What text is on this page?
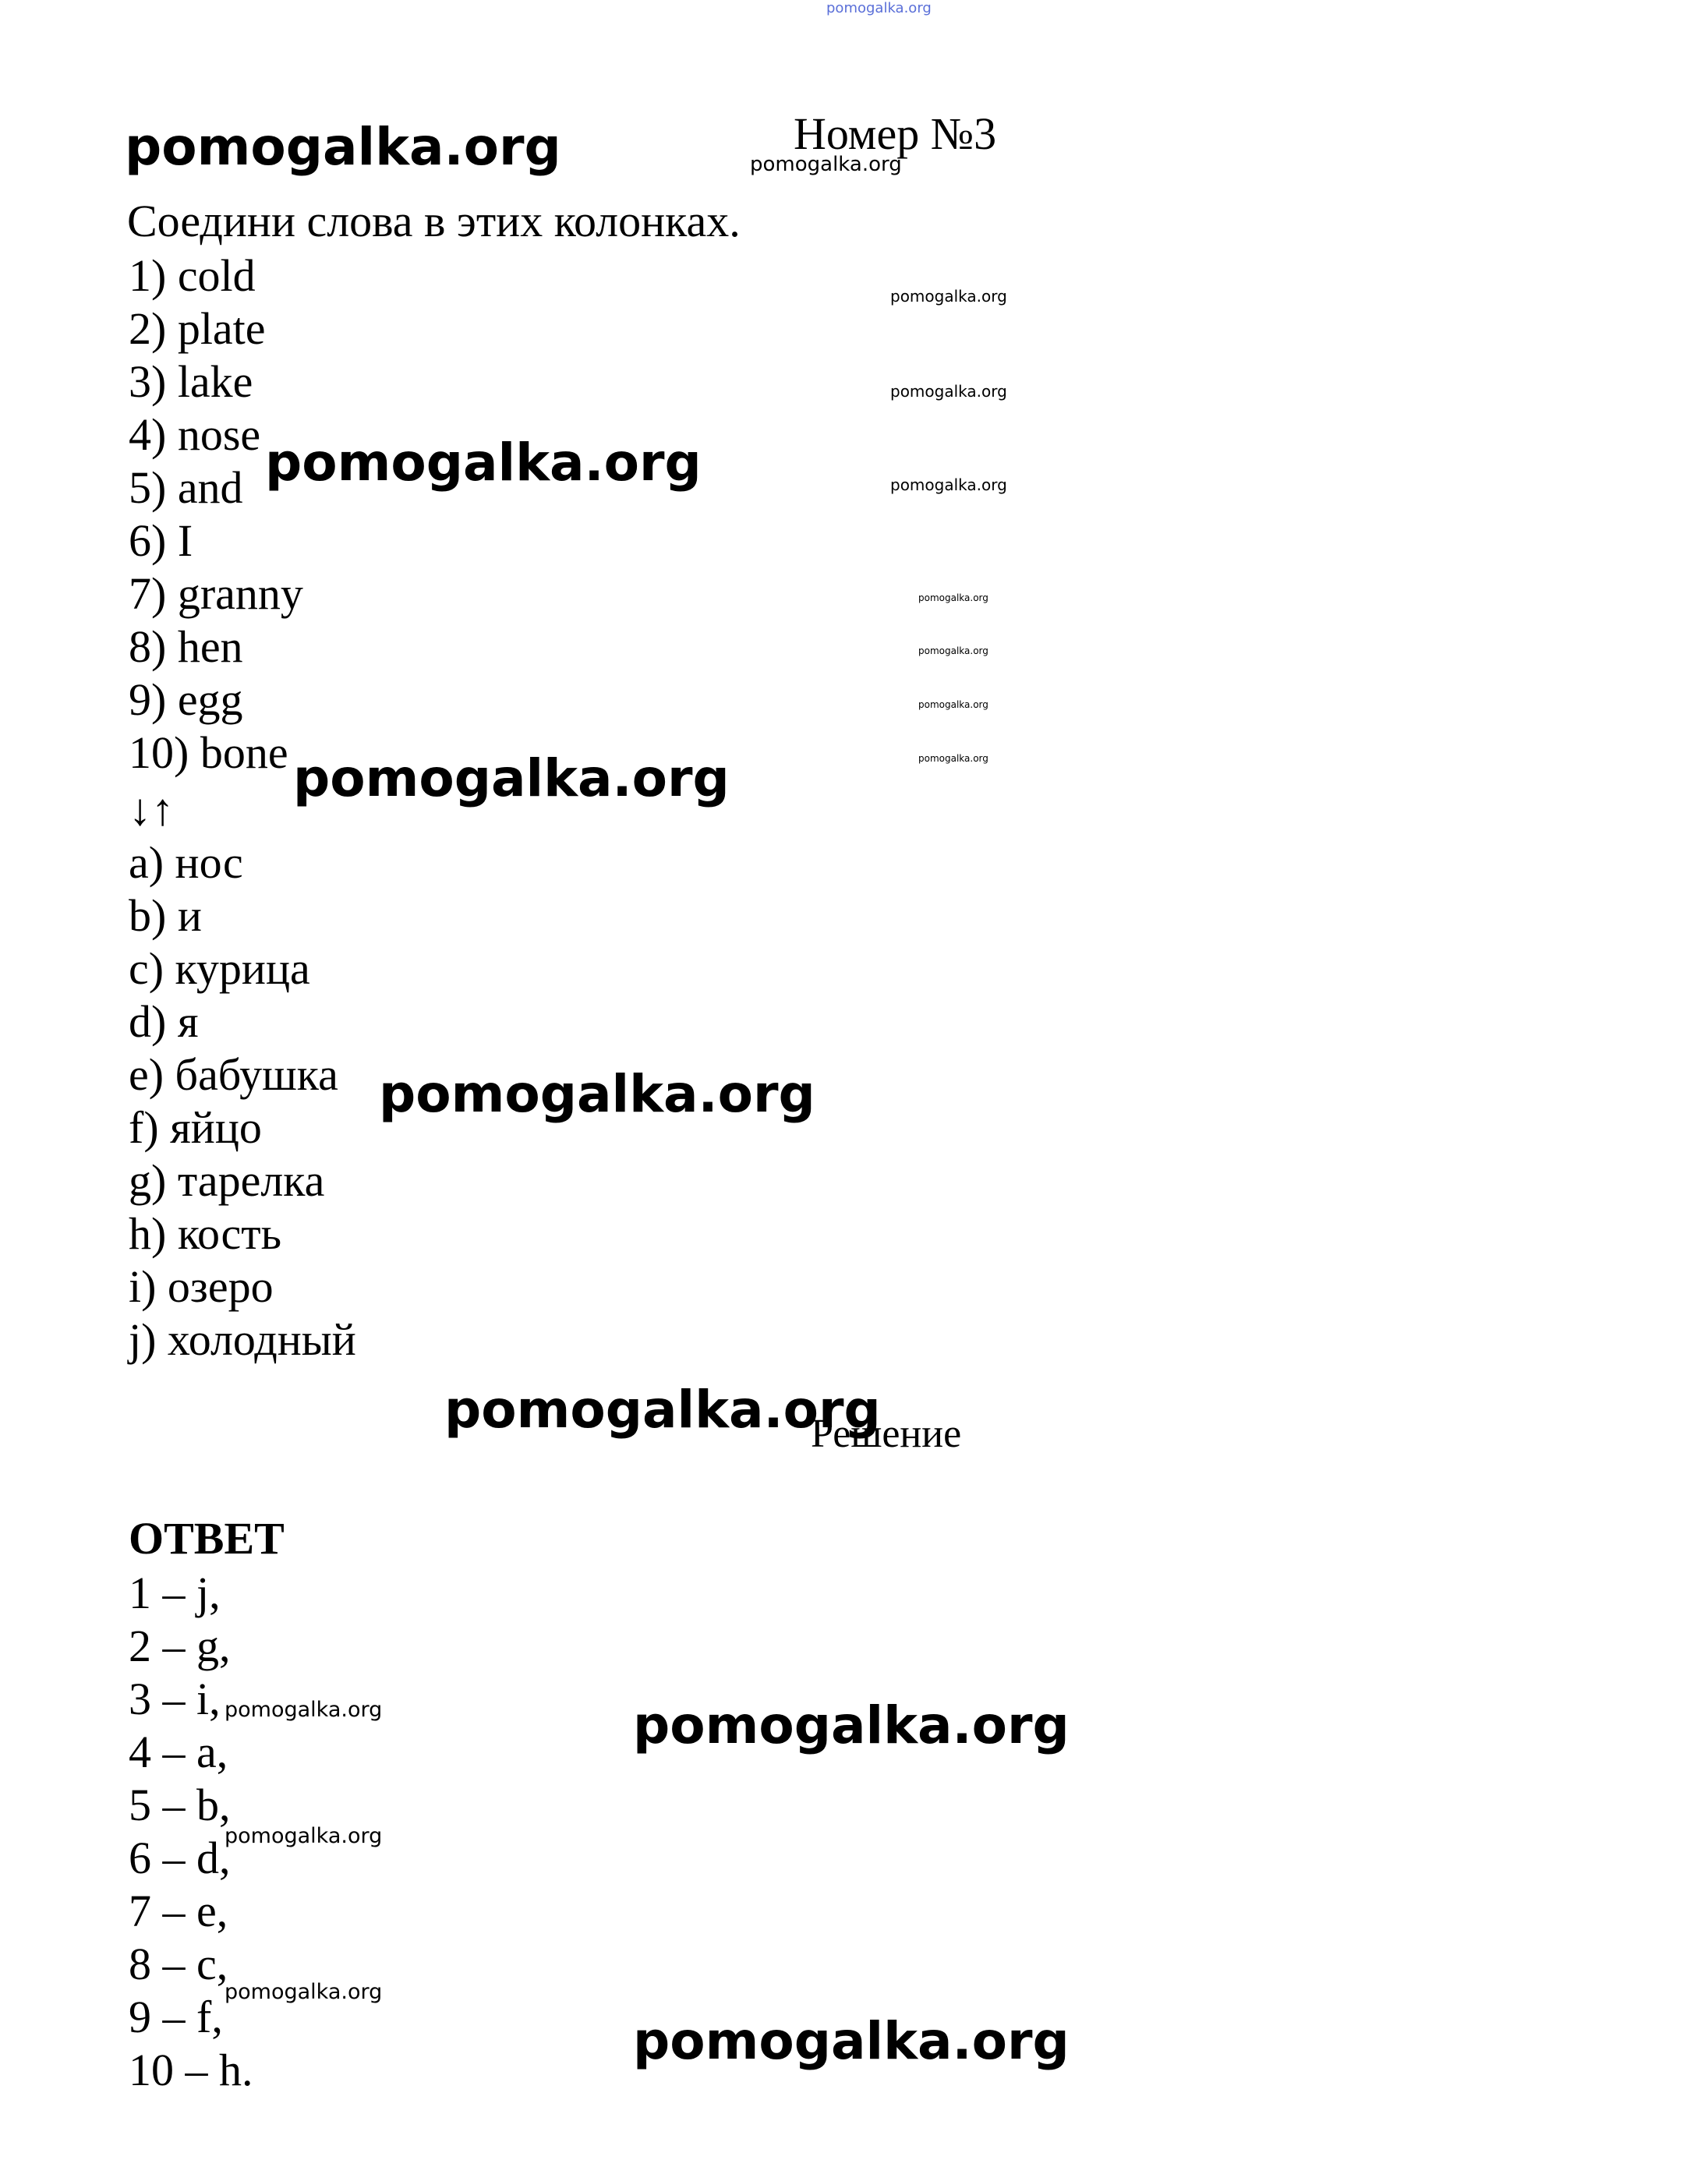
pomogalka.org
Номер №3
Соедини слова в этих колонках.
1) cold
2) plate
3) lake
4) nose
5) and
6) I
7) granny
8) hen
9) egg
10) bone
↓↑
a) нос
b) и
c) курица
d) я
e) бабушка
f) яйцо
g) тарелка
h) кость
i) озеро
j) холодный
Решение
ОТВЕТ
1 – j,
2 – g,
3 – i,
4 – a,
5 – b,
6 – d,
7 – e,
8 – c,
9 – f,
10 – h.
pomogalka.org	pomogalka.org
pomogalka.org
pomogalka.org
pomogalka.org
pomogalka.org
pomogalka.org
pomogalka.org
pomogalka.org
pomogalka.org
pomogalka.org
pomogalka.org
pomogalka.org
pomogalka.org	pomogalka.org
pomogalka.org
pomogalka.org
pomogalka.org
